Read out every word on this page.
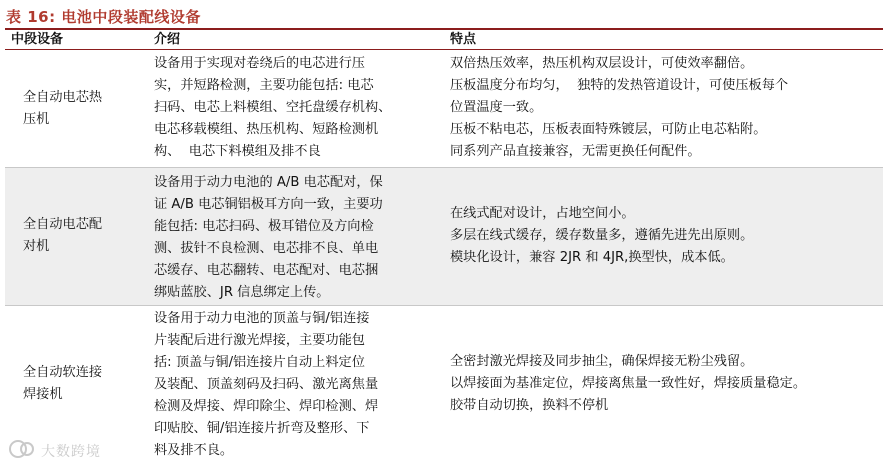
表 16: 电池中段装配线设备
中段设备	介绍	特点
全自动电芯热
压机
设备用于实现对卷绕后的电芯进行压
实，并短路检测，主要功能包括: 电芯
扫码、电芯上料模组、空托盘缓存机构、
电芯移载模组、热压机构、短路检测机
构、  电芯下料模组及排不良
双倍热压效率，热压机构双层设计，可使效率翻倍。
压板温度分布均匀，  独特的发热管道设计，可使压板每个
位置温度一致。
压板不粘电芯，压板表面特殊镀层，可防止电芯粘附。
同系列产品直接兼容，无需更换任何配件。
全自动电芯配
对机
设备用于动力电池的 A/B 电芯配对，保
证 A/B 电芯铜铝极耳方向一致，主要功
能包括: 电芯扫码、极耳错位及方向检
测、拔针不良检测、电芯排不良、单电
芯缓存、电芯翻转、电芯配对、电芯捆
绑贴蓝胶、JR 信息绑定上传。
在线式配对设计，占地空间小。
多层在线式缓存，缓存数量多，遵循先进先出原则。
模块化设计，兼容 2JR 和 4JR,换型快，成本低。
全自动软连接
焊接机
设备用于动力电池的顶盖与铜/铝连接
片装配后进行激光焊接，主要功能包
括: 顶盖与铜/铝连接片自动上料定位
及装配、顶盖刻码及扫码、激光离焦量
检测及焊接、焊印除尘、焊印检测、焊
印贴胶、铜/铝连接片折弯及整形、下
料及排不良。
全密封激光焊接及同步抽尘，确保焊接无粉尘残留。
以焊接面为基准定位，焊接离焦量一致性好，焊接质量稳定。
胶带自动切换，换料不停机
大数跨境
